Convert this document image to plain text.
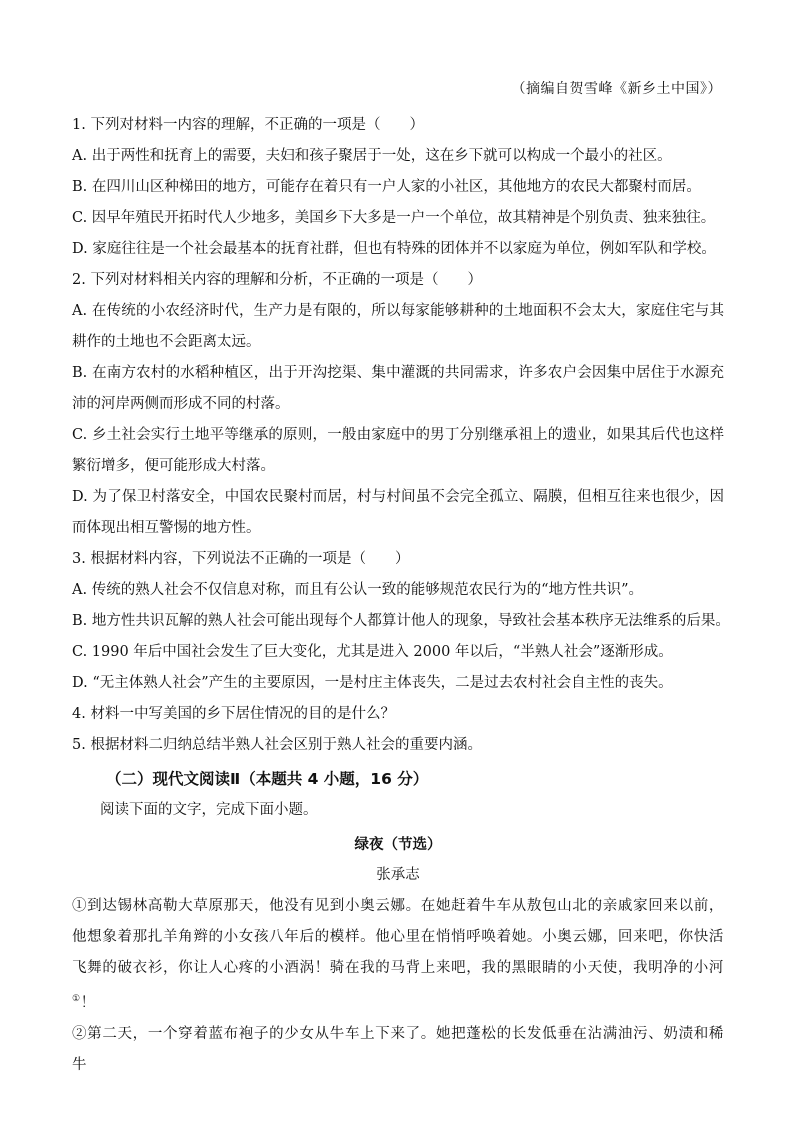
（摘编自贺雪峰《新乡土中国》）

1. 下列对材料一内容的理解，不正确的一项是（　　）

A. 出于两性和抚育上的需要，夫妇和孩子聚居于一处，这在乡下就可以构成一个最小的社区。

B. 在四川山区种梯田的地方，可能存在着只有一户人家的小社区，其他地方的农民大都聚村而居。

C. 因早年殖民开拓时代人少地多，美国乡下大多是一户一个单位，故其精神是个别负责、独来独往。

D. 家庭往往是一个社会最基本的抚育社群，但也有特殊的团体并不以家庭为单位，例如军队和学校。

2. 下列对材料相关内容的理解和分析，不正确的一项是（　　）

A. 在传统的小农经济时代，生产力是有限的，所以每家能够耕种的土地面积不会太大，家庭住宅与其耕作的土地也不会距离太远。

B. 在南方农村的水稻种植区，出于开沟挖渠、集中灌溉的共同需求，许多农户会因集中居住于水源充沛的河岸两侧而形成不同的村落。

C. 乡土社会实行土地平等继承的原则，一般由家庭中的男丁分别继承祖上的遗业，如果其后代也这样繁衍增多，便可能形成大村落。

D. 为了保卫村落安全，中国农民聚村而居，村与村间虽不会完全孤立、隔膜，但相互往来也很少，因而体现出相互警惕的地方性。

3. 根据材料内容，下列说法不正确的一项是（　　）

A. 传统的熟人社会不仅信息对称，而且有公认一致的能够规范农民行为的“地方性共识”。

B. 地方性共识瓦解的熟人社会可能出现每个人都算计他人的现象，导致社会基本秩序无法维系的后果。

C. 1990 年后中国社会发生了巨大变化，尤其是进入 2000 年以后，“半熟人社会”逐渐形成。

D. “无主体熟人社会”产生的主要原因，一是村庄主体丧失，二是过去农村社会自主性的丧失。

4. 材料一中写美国的乡下居住情况的目的是什么？

5. 根据材料二归纳总结半熟人社会区别于熟人社会的重要内涵。

（二）现代文阅读Ⅱ（本题共 4 小题，16 分）

阅读下面的文字，完成下面小题。

绿夜（节选）
张承志

①到达锡林高勒大草原那天，他没有见到小奥云娜。在她赶着牛车从敖包山北的亲戚家回来以前，他想象着那扎羊角辫的小女孩八年后的模样。他心里在悄悄呼唤着她。小奥云娜，回来吧，你快活飞舞的破衣衫，你让人心疼的小酒涡！骑在我的马背上来吧，我的黑眼睛的小天使，我明净的小河①！

②第二天，一个穿着蓝布袍子的少女从牛车上下来了。她把蓬松的长发低垂在沾满油污、奶渍和稀牛
